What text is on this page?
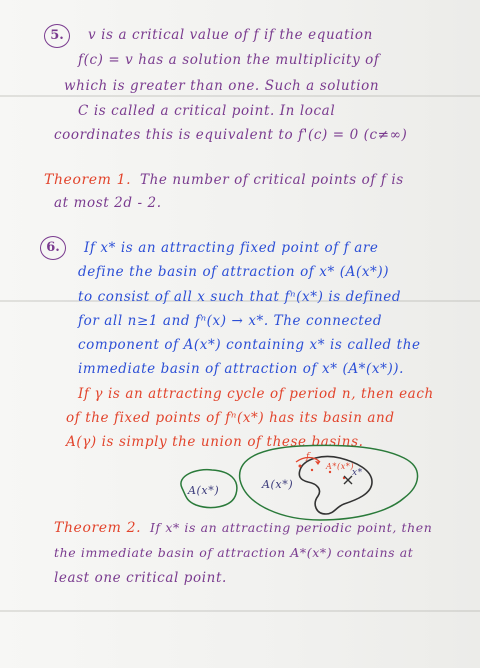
5.	v is a critical value of f if the equation
f(c) = v has a solution the multiplicity of
which is greater than one. Such a solution
C is called a critical point. In local
coordinates this is equivalent to f'(c) = 0 (c≠∞)
Theorem 1. The number of critical points of f is
at most 2d - 2.
6.	If x* is an attracting fixed point of f are
define the basin of attraction of x* (A(x*))
to consist of all x such that fⁿ(x*) is defined
for all n≥1 and fⁿ(x) → x*. The connected
component of A(x*) containing x* is called the
immediate basin of attraction of x* (A*(x*)).
If γ is an attracting cycle of period n, then each
of the fixed points of fⁿ(x*) has its basin and
A(γ) is simply the union of these basins.
A(x*)	A(x*)
A*(x*)
f
x*
Theorem 2. If x* is an attracting periodic point, then
the immediate basin of attraction A*(x*) contains at
least one critical point.
